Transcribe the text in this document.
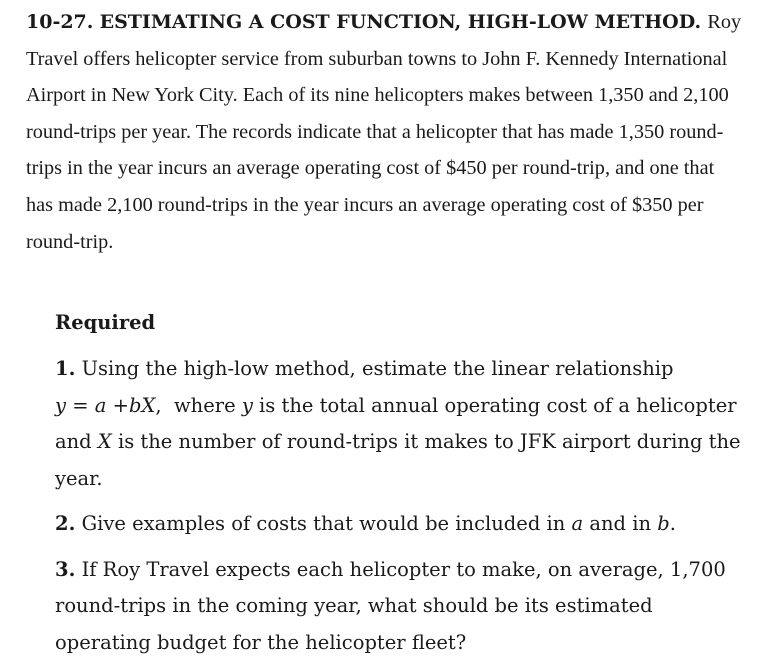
10-27. ESTIMATING A COST FUNCTION, HIGH-LOW METHOD. Roy Travel offers helicopter service from suburban towns to John F. Kennedy International Airport in New York City. Each of its nine helicopters makes between 1,350 and 2,100 round-trips per year. The records indicate that a helicopter that has made 1,350 round-trips in the year incurs an average operating cost of $450 per round-trip, and one that has made 2,100 round-trips in the year incurs an average operating cost of $350 per round-trip.

Required

1. Using the high-low method, estimate the linear relationship
y = a +bX, where y is the total annual operating cost of a helicopter and X is the number of round-trips it makes to JFK airport during the year.
2. Give examples of costs that would be included in a and in b.
3. If Roy Travel expects each helicopter to make, on average, 1,700 round-trips in the coming year, what should be its estimated operating budget for the helicopter fleet?
